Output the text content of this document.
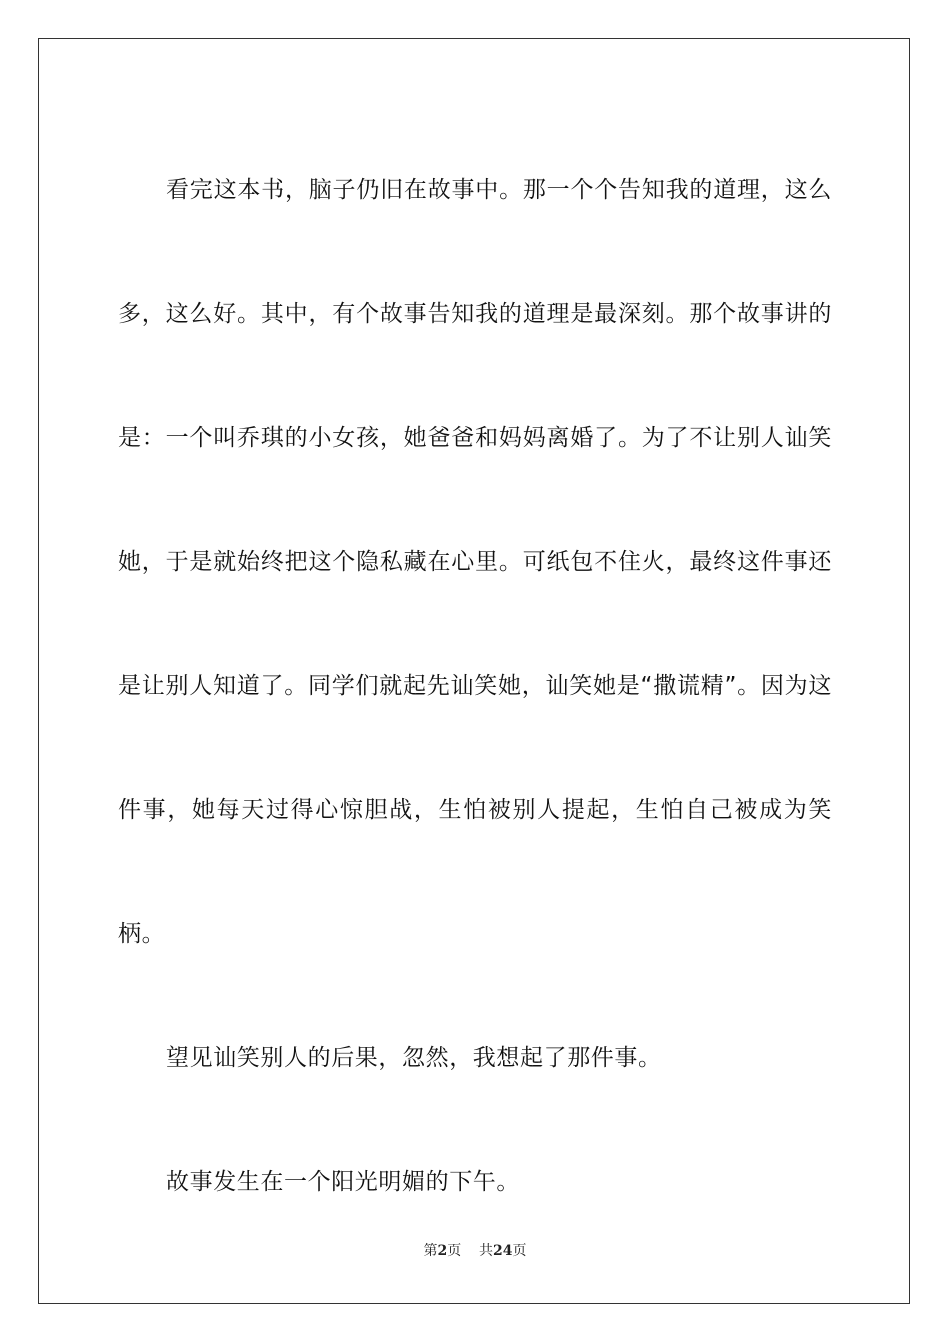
看完这本书，脑子仍旧在故事中。那一个个告知我的道理，这么多，这么好。其中，有个故事告知我的道理是最深刻。那个故事讲的是：一个叫乔琪的小女孩，她爸爸和妈妈离婚了。为了不让别人讪笑她，于是就始终把这个隐私藏在心里。可纸包不住火，最终这件事还是让别人知道了。同学们就起先讪笑她，讪笑她是“撒谎精”。因为这件事，她每天过得心惊胆战，生怕被别人提起，生怕自己被成为笑柄。

望见讪笑别人的后果，忽然，我想起了那件事。

故事发生在一个阳光明媚的下午。

第2页 共24页
